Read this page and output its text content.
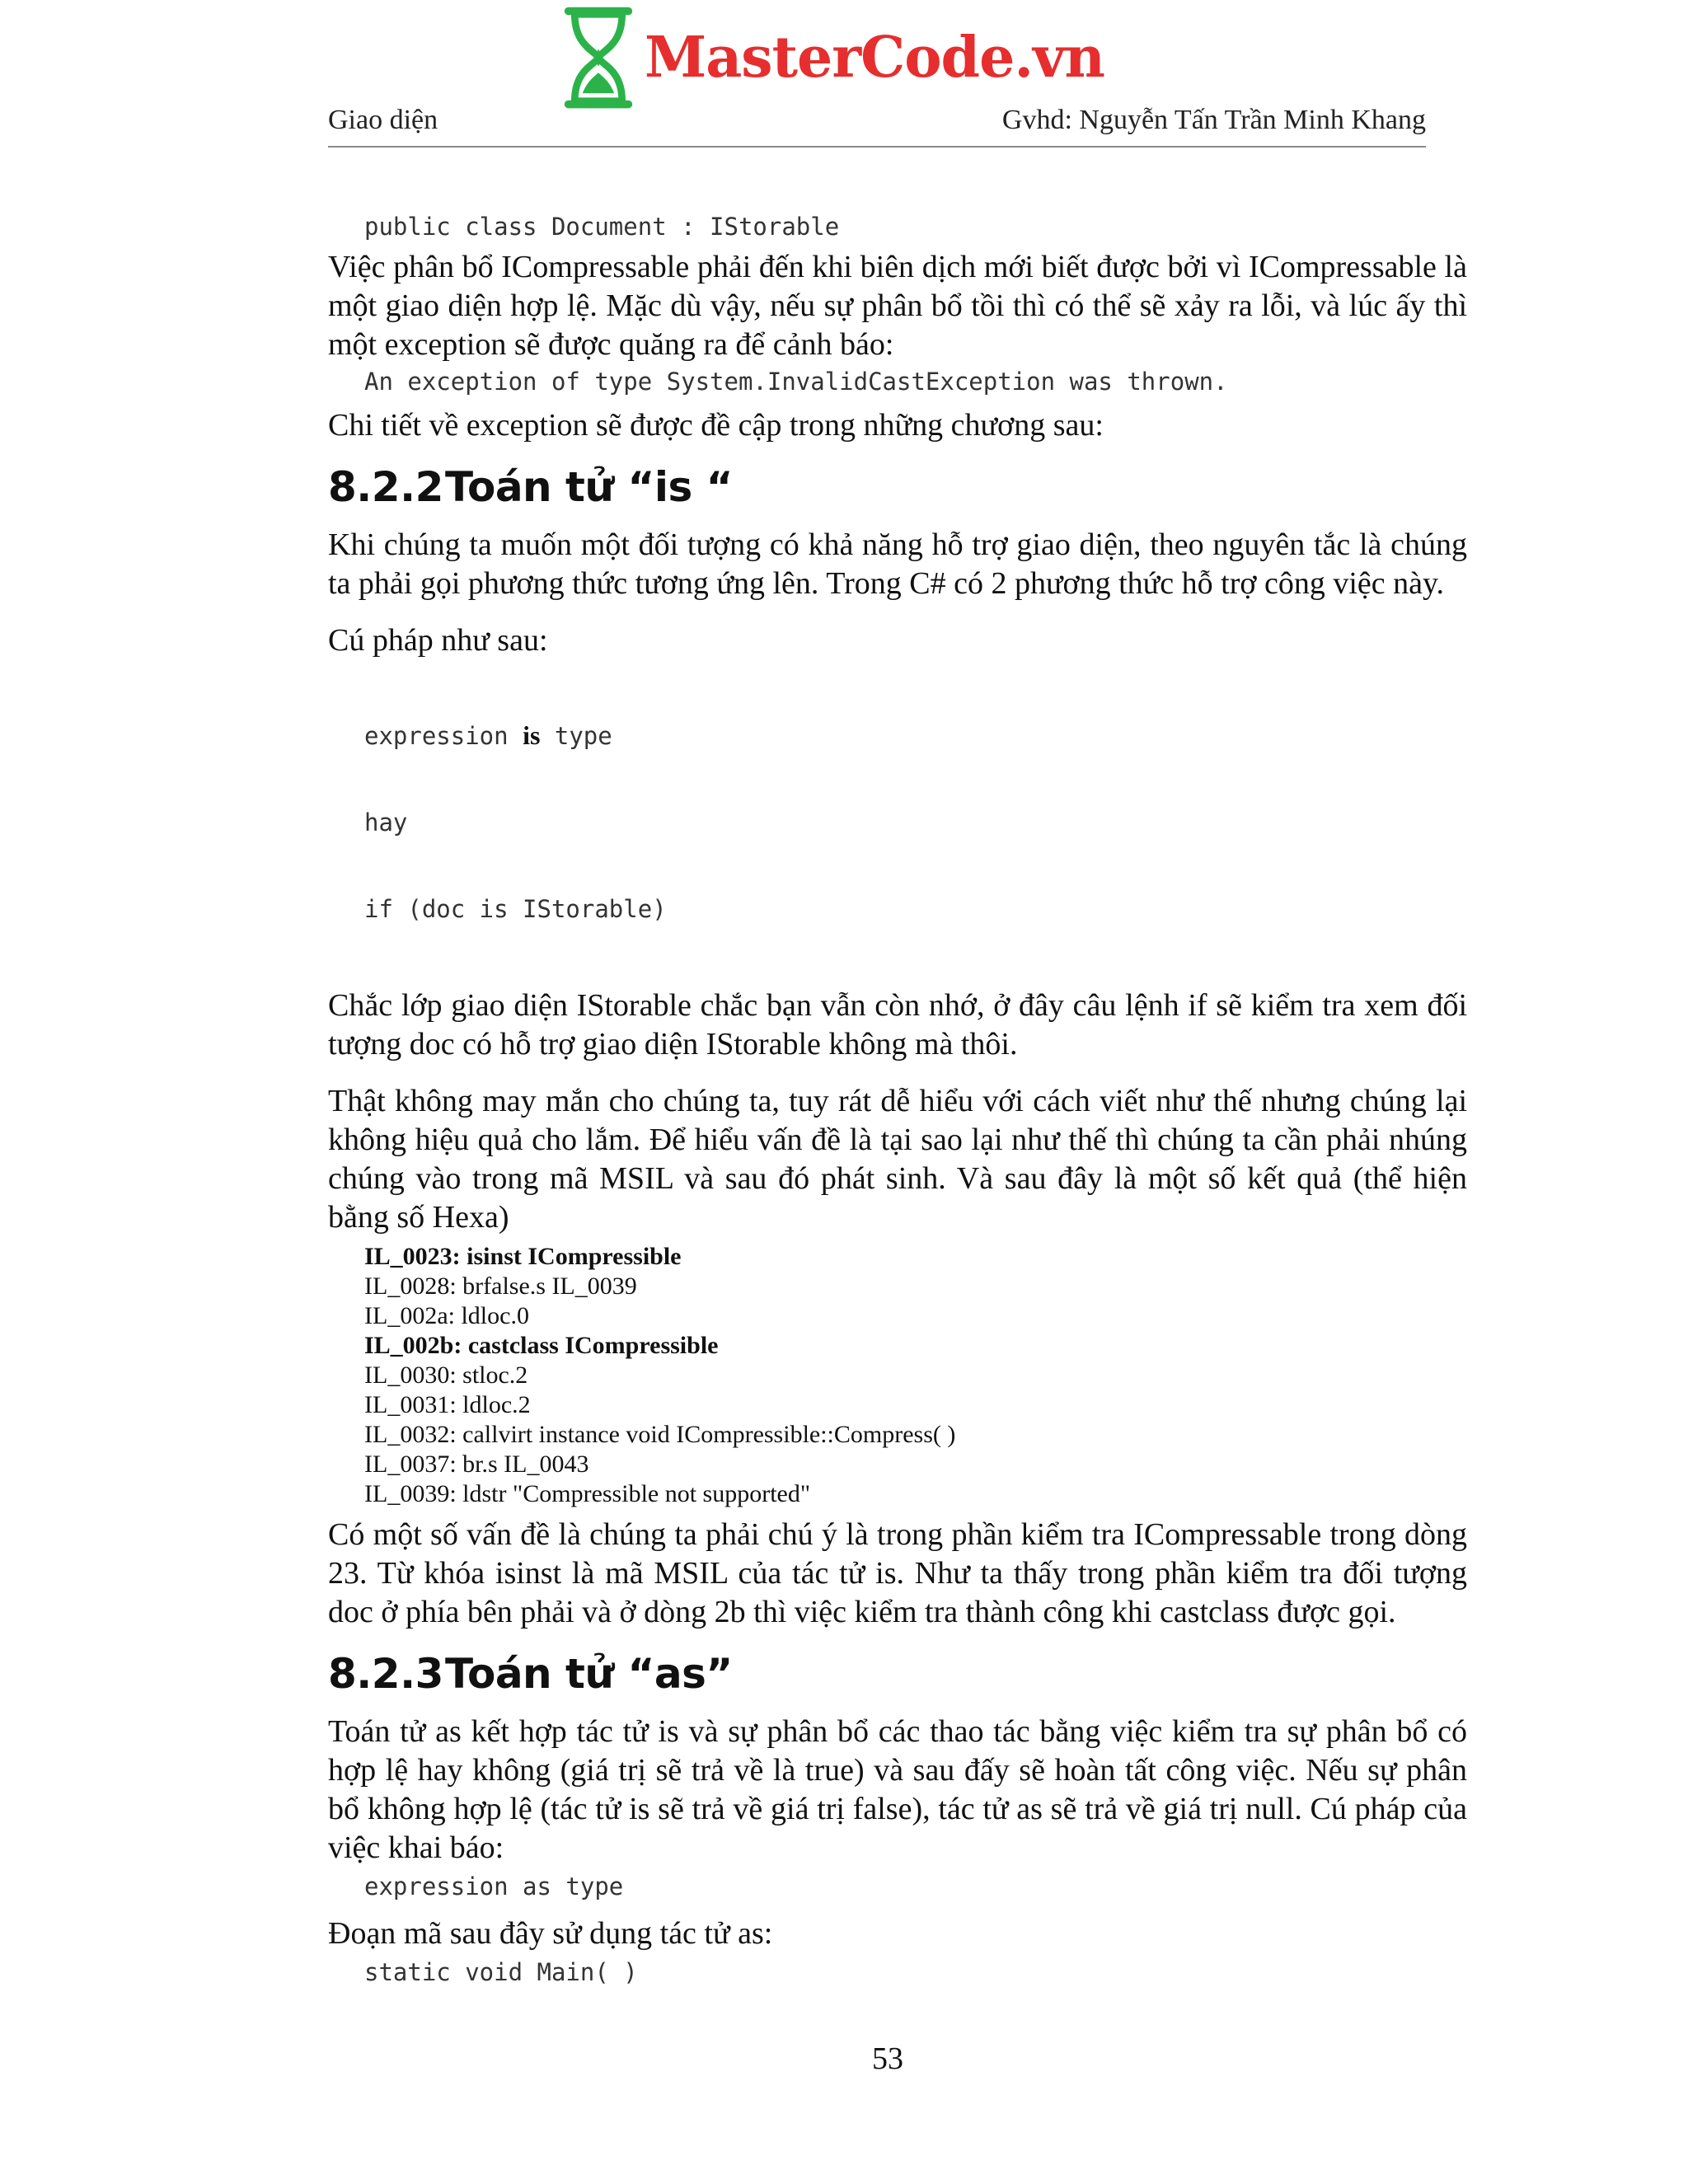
MasterCode.vn
Giao diện	Gvhd: Nguyễn Tấn Trần Minh Khang
public class Document : IStorable

Việc phân bổ ICompressable phải đến khi biên dịch mới biết được bởi vì ICompressable là một giao diện hợp lệ. Mặc dù vậy, nếu sự phân bổ tồi thì có thể sẽ xảy ra lỗi, và lúc ấy thì một exception sẽ được quăng ra để cảnh báo:

An exception of type System.InvalidCastException was thrown.

Chi tiết về exception sẽ được đề cập trong những chương sau:

8.2.2Toán tử “is “

Khi chúng ta muốn một đối tượng có khả năng hỗ trợ giao diện, theo nguyên tắc là chúng ta phải gọi phương thức tương ứng lên. Trong C# có 2 phương thức hỗ trợ công việc này.

Cú pháp như sau:

expression is type

hay

if (doc is IStorable)

Chắc lớp giao diện IStorable chắc bạn vẫn còn nhớ, ở đây câu lệnh if sẽ kiểm tra xem đối tượng doc có hỗ trợ giao diện IStorable không mà thôi.

Thật không may mắn cho chúng ta, tuy rát dễ hiểu với cách viết như thế nhưng chúng lại không hiệu quả cho lắm. Để hiểu vấn đề là tại sao lại như thế thì chúng ta cần phải nhúng chúng vào trong mã MSIL và sau đó phát sinh. Và sau đây là một số kết quả (thể hiện bằng số Hexa)

IL_0023: isinst ICompressible
IL_0028: brfalse.s IL_0039
IL_002a: ldloc.0
IL_002b: castclass ICompressible
IL_0030: stloc.2
IL_0031: ldloc.2
IL_0032: callvirt instance void ICompressible::Compress( )
IL_0037: br.s IL_0043
IL_0039: ldstr "Compressible not supported"

Có một số vấn đề là chúng ta phải chú ý là trong phần kiểm tra ICompressable trong dòng 23. Từ khóa isinst là mã MSIL của tác tử is. Như ta thấy trong phần kiểm tra đối tượng doc ở phía bên phải và ở dòng 2b thì việc kiểm tra thành công khi castclass được gọi.

8.2.3Toán tử “as”

Toán tử as kết hợp tác tử is và sự phân bổ các thao tác bằng việc kiểm tra sự phân bổ có hợp lệ hay không (giá trị sẽ trả về là true) và sau đấy sẽ hoàn tất công việc. Nếu sự phân bổ không hợp lệ (tác tử is sẽ trả về giá trị false), tác tử as sẽ trả về giá trị null. Cú pháp của việc khai báo:

expression as type

Đoạn mã sau đây sử dụng tác tử as:

static void Main( )
53
